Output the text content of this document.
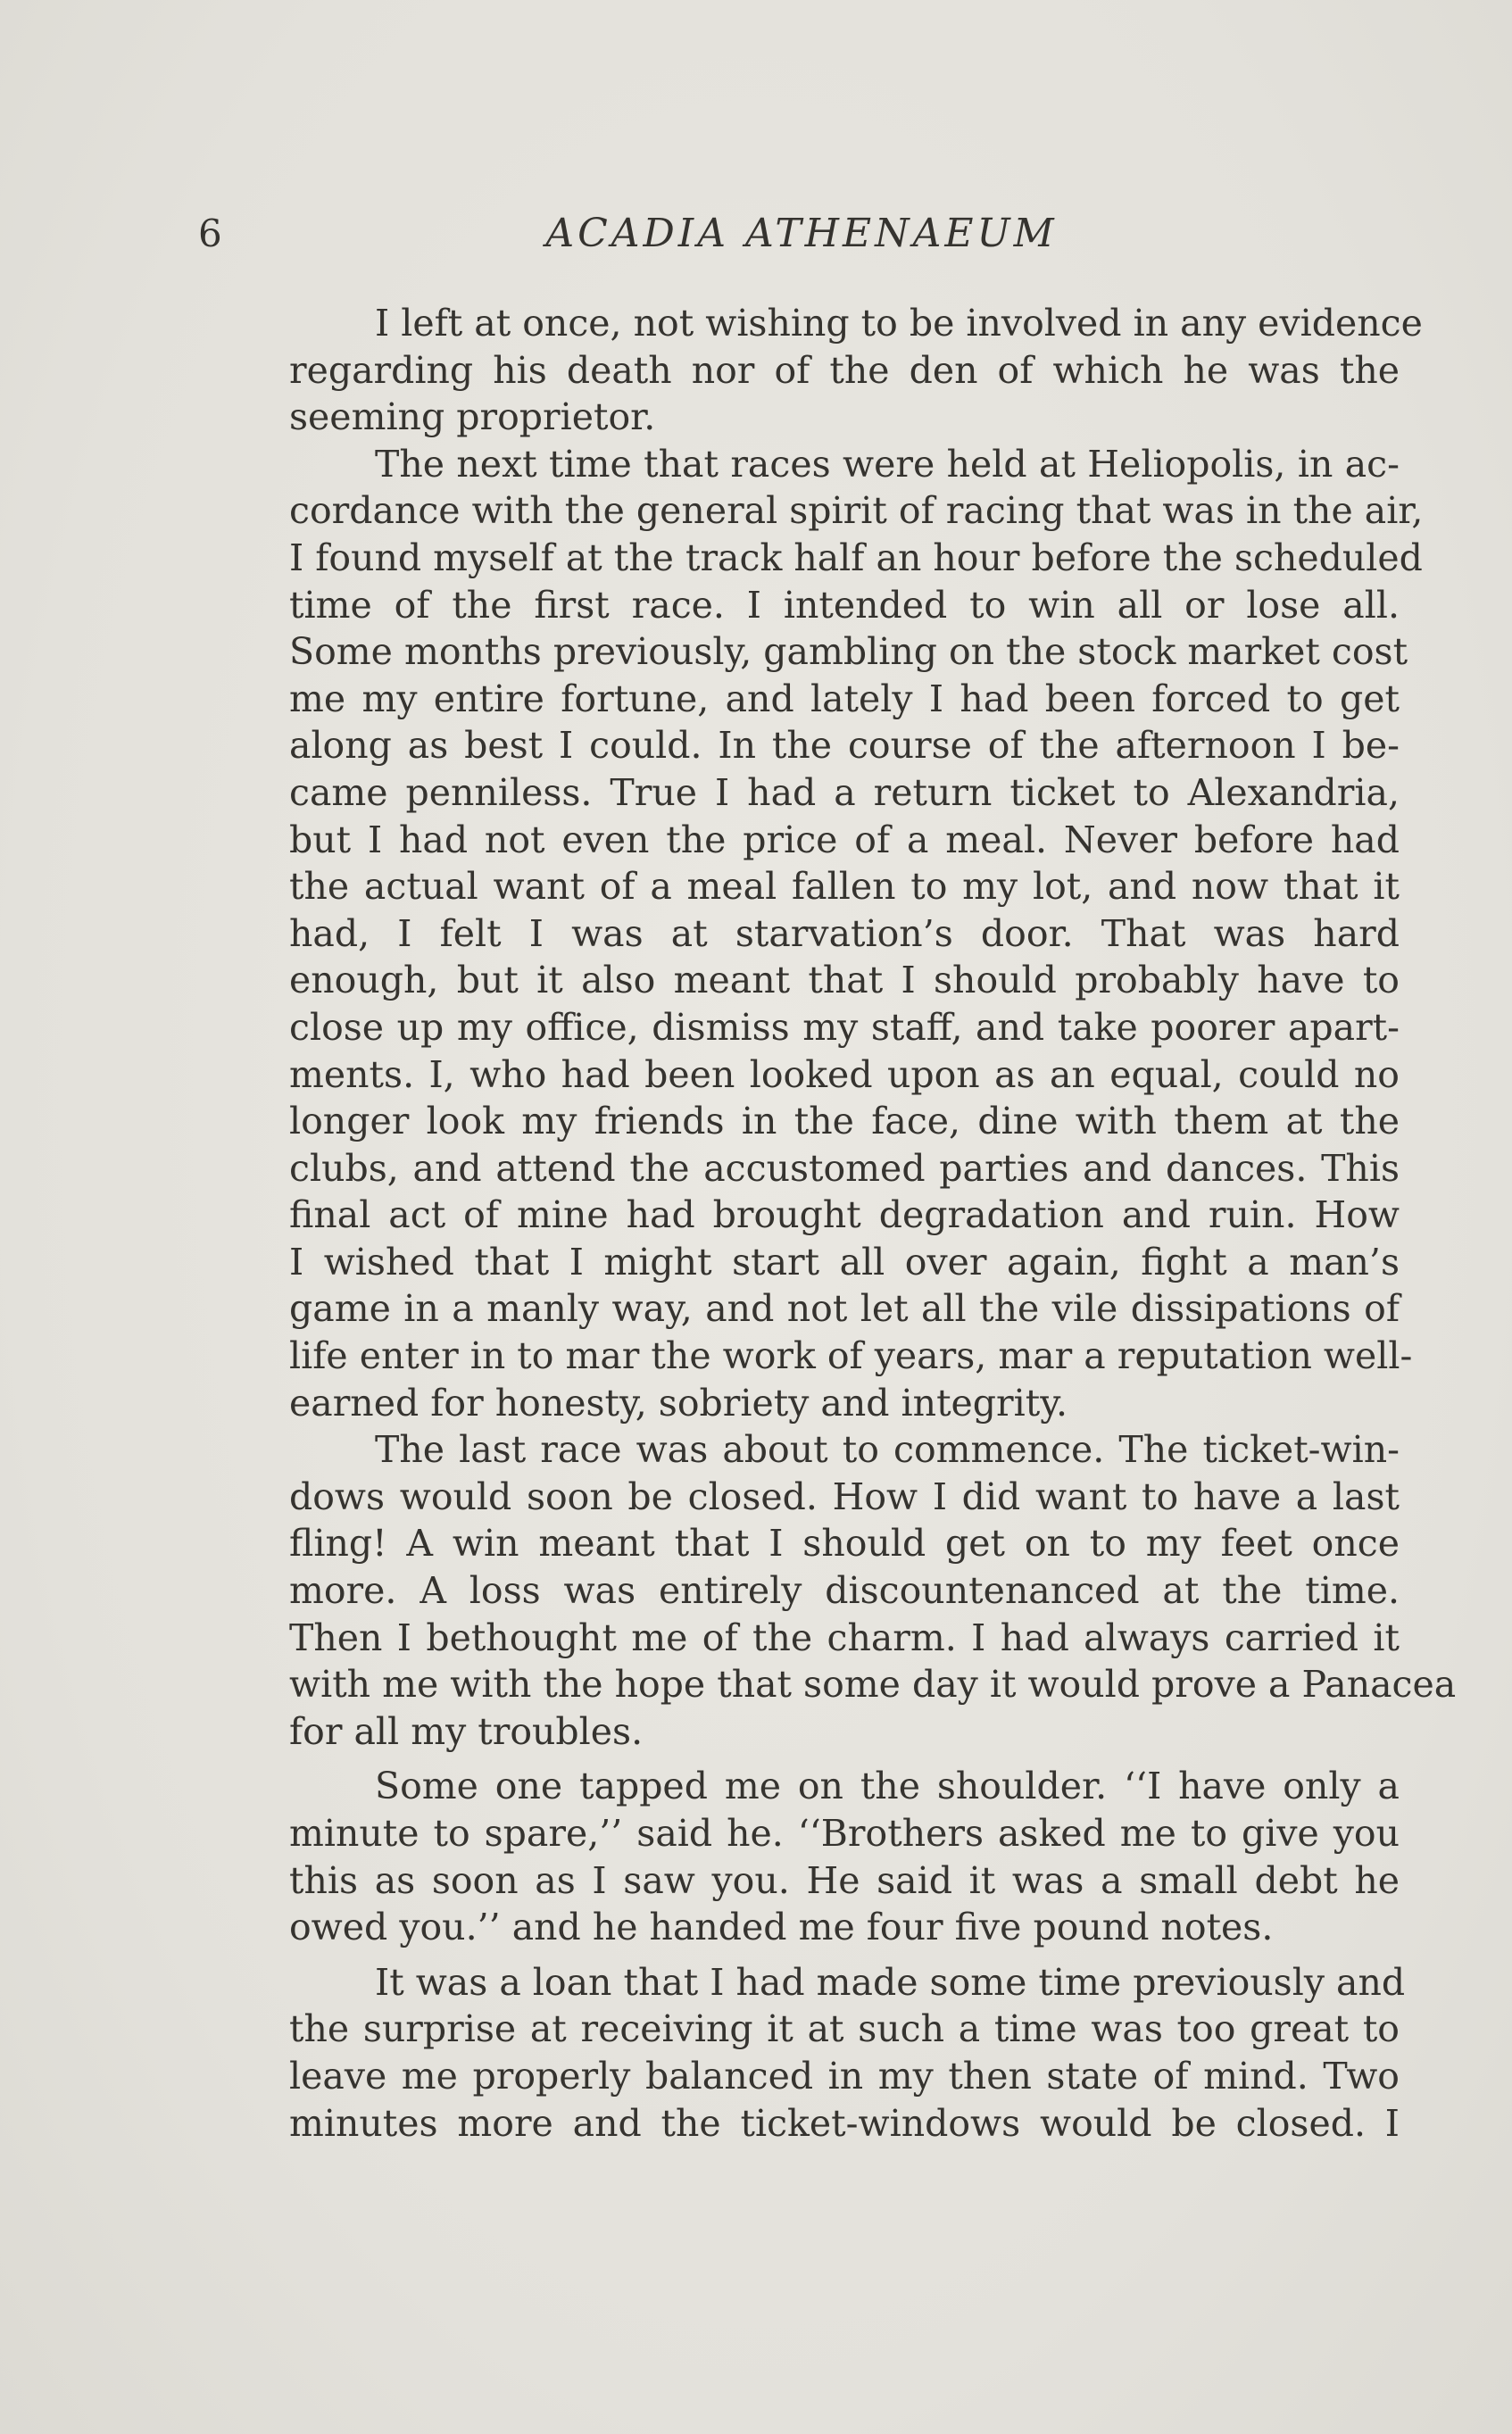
6	ACADIA ATHENAEUM
I left at once, not wishing to be involved in any evidence
regarding his death nor of the den of which he was the
seeming proprietor.
The next time that races were held at Heliopolis, in ac-
cordance with the general spirit of racing that was in the air,
I found myself at the track half an hour before the scheduled
time of the first race. I intended to win all or lose all.
Some months previously, gambling on the stock market cost
me my entire fortune, and lately I had been forced to get
along as best I could. In the course of the afternoon I be-
came penniless. True I had a return ticket to Alexandria,
but I had not even the price of a meal. Never before had
the actual want of a meal fallen to my lot, and now that it
had, I felt I was at starvation’s door. That was hard
enough, but it also meant that I should probably have to
close up my office, dismiss my staff, and take poorer apart-
ments. I, who had been looked upon as an equal, could no
longer look my friends in the face, dine with them at the
clubs, and attend the accustomed parties and dances. This
final act of mine had brought degradation and ruin. How
I wished that I might start all over again, fight a man’s
game in a manly way, and not let all the vile dissipations of
life enter in to mar the work of years, mar a reputation well-
earned for honesty, sobriety and integrity.
The last race was about to commence. The ticket-win-
dows would soon be closed. How I did want to have a last
fling! A win meant that I should get on to my feet once
more. A loss was entirely discountenanced at the time.
Then I bethought me of the charm. I had always carried it
with me with the hope that some day it would prove a Panacea
for all my troubles.
Some one tapped me on the shoulder. ‘‘I have only a
minute to spare,’’ said he. ‘‘Brothers asked me to give you
this as soon as I saw you. He said it was a small debt he
owed you.’’ and he handed me four five pound notes.
It was a loan that I had made some time previously and
the surprise at receiving it at such a time was too great to
leave me properly balanced in my then state of mind. Two
minutes more and the ticket-windows would be closed. I
